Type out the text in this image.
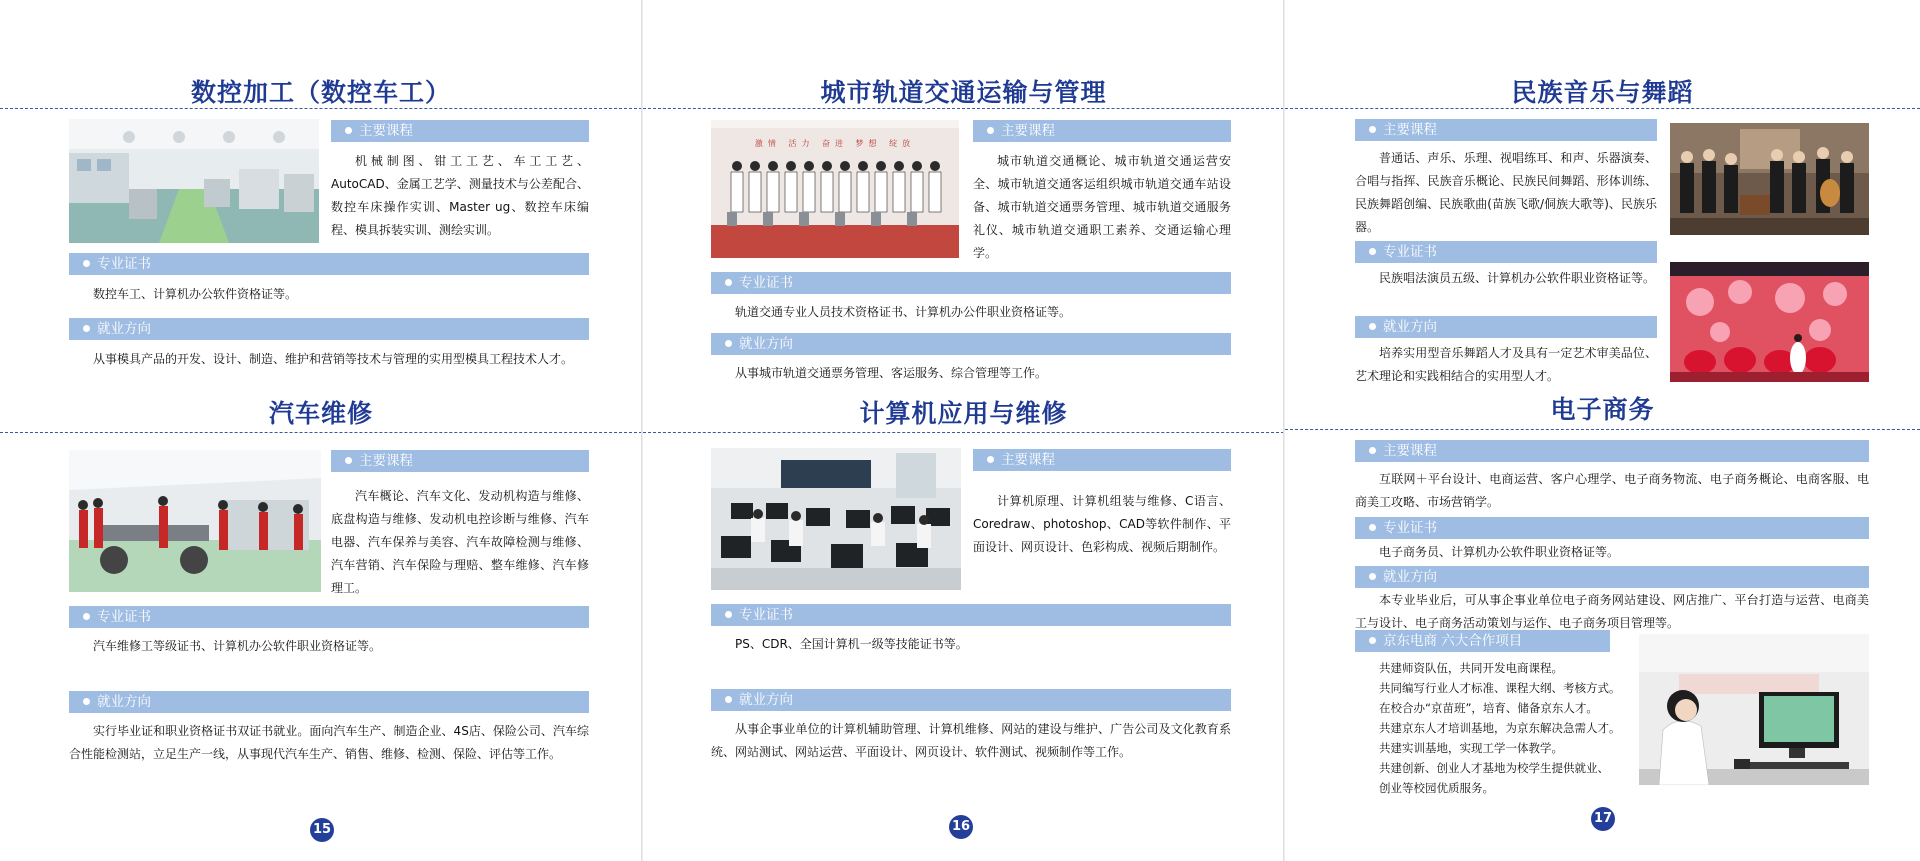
数控加工（数控车工）
主要课程
机械制图、钳工工艺、车工工艺、AutoCAD、金属工艺学、测量技术与公差配合、数控车床操作实训、Master ug、数控车床编程、模具拆装实训、测绘实训。
专业证书
数控车工、计算机办公软件资格证等。
就业方向
从事模具产品的开发、设计、制造、维护和营销等技术与管理的实用型模具工程技术人才。
汽车维修
主要课程
汽车概论、汽车文化、发动机构造与维修、底盘构造与维修、发动机电控诊断与维修、汽车电器、汽车保养与美容、汽车故障检测与维修、汽车营销、汽车保险与理赔、整车维修、汽车修理工。
专业证书
汽车维修工等级证书、计算机办公软件职业资格证等。
就业方向
实行毕业证和职业资格证书双证书就业。面向汽车生产、制造企业、4S店、保险公司、汽车综合性能检测站，立足生产一线，从事现代汽车生产、销售、维修、检测、保险、评估等工作。
15
城市轨道交通运输与管理
激情 活力 奋进 梦想 绽放
主要课程
城市轨道交通概论、城市轨道交通运营安全、城市轨道交通客运组织城市轨道交通车站设备、城市轨道交通票务管理、城市轨道交通服务礼仪、城市轨道交通职工素养、交通运输心理学。
专业证书
轨道交通专业人员技术资格证书、计算机办公件职业资格证等。
就业方向
从事城市轨道交通票务管理、客运服务、综合管理等工作。
计算机应用与维修
主要课程
计算机原理、计算机组装与维修、C语言、Coredraw、photoshop、CAD等软件制作、平面设计、网页设计、色彩构成、视频后期制作。
专业证书
PS、CDR、全国计算机一级等技能证书等。
就业方向
从事企事业单位的计算机辅助管理、计算机维修、网站的建设与维护、广告公司及文化教育系统、网站测试、网站运营、平面设计、网页设计、软件测试、视频制作等工作。
16
民族音乐与舞蹈
主要课程
普通话、声乐、乐理、视唱练耳、和声、乐器演奏、合唱与指挥、民族音乐概论、民族民间舞蹈、形体训练、民族舞蹈创编、民族歌曲(苗族飞歌/侗族大歌等)、民族乐器。
专业证书
民族唱法演员五级、计算机办公软件职业资格证等。
就业方向
培养实用型音乐舞蹈人才及具有一定艺术审美品位、艺术理论和实践相结合的实用型人才。
电子商务
主要课程
互联网＋平台设计、电商运营、客户心理学、电子商务物流、电子商务概论、电商客服、电商美工攻略、市场营销学。
专业证书
电子商务员、计算机办公软件职业资格证等。
就业方向
本专业毕业后，可从事企事业单位电子商务网站建设、网店推广、平台打造与运营、电商美工与设计、电子商务活动策划与运作、电子商务项目管理等。
京东电商 六大合作项目
共建师资队伍，共同开发电商课程。
共同编写行业人才标准、课程大纲、考核方式。
在校合办“京苗班”，培育、储备京东人才。
共建京东人才培训基地，为京东解决急需人才。
共建实训基地，实现工学一体教学。
共建创新、创业人才基地为校学生提供就业、创业等校园优质服务。
17
